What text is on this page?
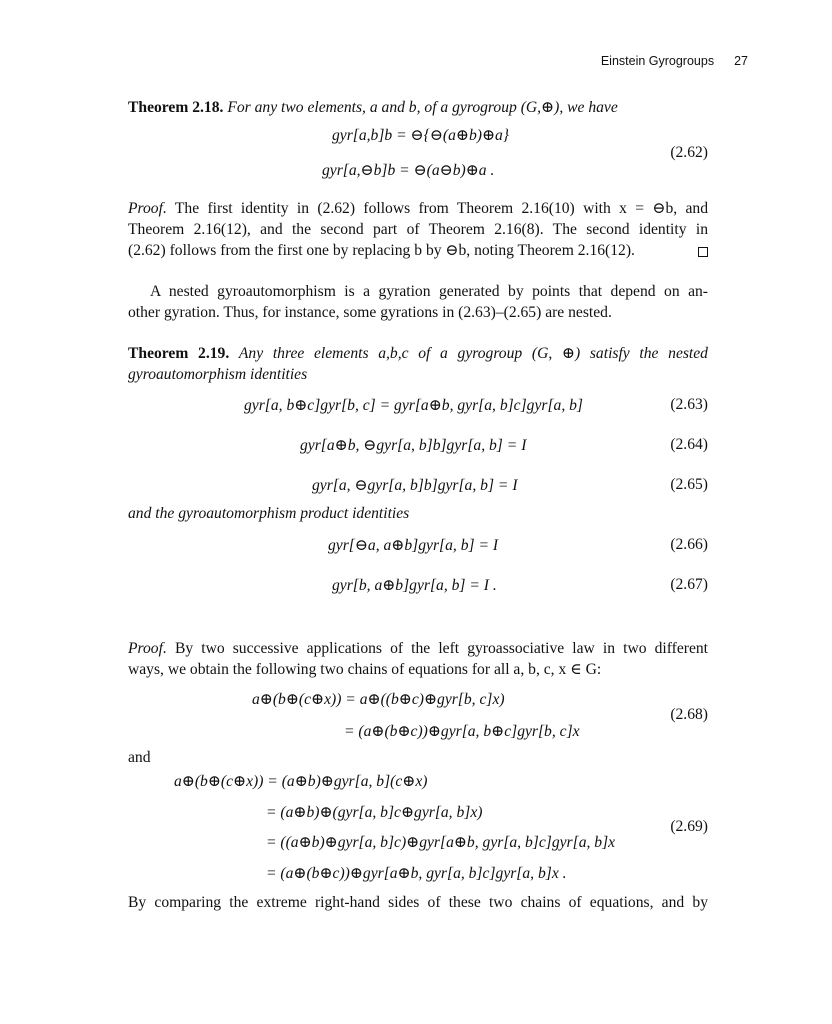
Einstein Gyrogroups 27
Theorem 2.18. For any two elements, a and b, of a gyrogroup (G,⊕), we have
gyr[a,b]b = ⊖{⊖(a⊕b)⊕a}
gyr[a,⊖b]b = ⊖(a⊖b)⊕a .
(2.62)
Proof. The first identity in (2.62) follows from Theorem 2.16(10) with x = ⊖b, and
Theorem 2.16(12), and the second part of Theorem 2.16(8). The second identity in
(2.62) follows from the first one by replacing b by ⊖b, noting Theorem 2.16(12).
A nested gyroautomorphism is a gyration generated by points that depend on an-
other gyration. Thus, for instance, some gyrations in (2.63)–(2.65) are nested.
Theorem 2.19. Any three elements a,b,c of a gyrogroup (G, ⊕) satisfy the nested
gyroautomorphism identities
gyr[a, b⊕c]gyr[b, c] = gyr[a⊕b, gyr[a, b]c]gyr[a, b]	(2.63)
gyr[a⊕b, ⊖gyr[a, b]b]gyr[a, b] = I	(2.64)
gyr[a, ⊖gyr[a, b]b]gyr[a, b] = I	(2.65)
and the gyroautomorphism product identities
gyr[⊖a, a⊕b]gyr[a, b] = I	(2.66)
gyr[b, a⊕b]gyr[a, b] = I .	(2.67)
Proof. By two successive applications of the left gyroassociative law in two different
ways, we obtain the following two chains of equations for all a, b, c, x ∈ G:
a⊕(b⊕(c⊕x)) = a⊕((b⊕c)⊕gyr[b, c]x)
= (a⊕(b⊕c))⊕gyr[a, b⊕c]gyr[b, c]x
(2.68)
and
a⊕(b⊕(c⊕x)) = (a⊕b)⊕gyr[a, b](c⊕x)
= (a⊕b)⊕(gyr[a, b]c⊕gyr[a, b]x)
= ((a⊕b)⊕gyr[a, b]c)⊕gyr[a⊕b, gyr[a, b]c]gyr[a, b]x
= (a⊕(b⊕c))⊕gyr[a⊕b, gyr[a, b]c]gyr[a, b]x .
(2.69)
By comparing the extreme right-hand sides of these two chains of equations, and by
